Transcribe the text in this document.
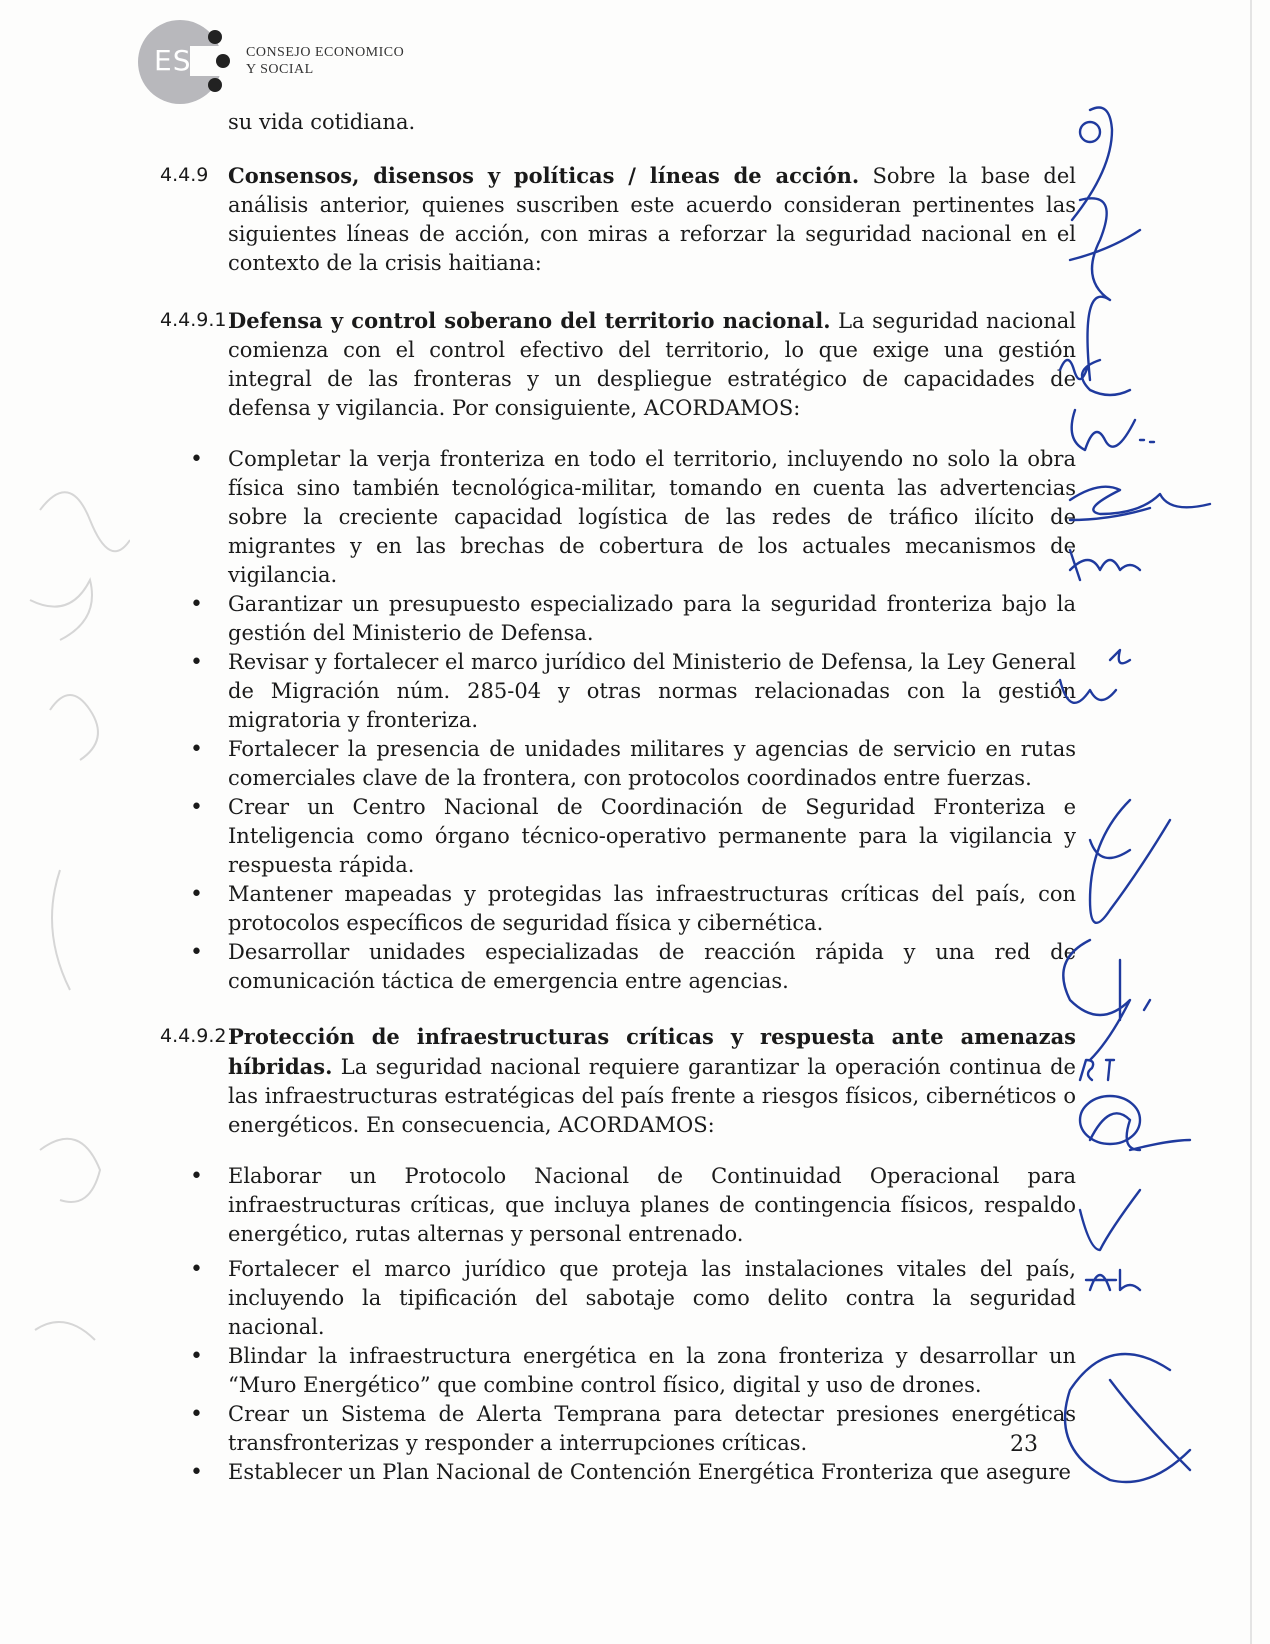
ES	CONSEJO ECONOMICO
Y SOCIAL

su vida cotidiana.

4.4.9 Consensos, disensos y políticas / líneas de acción. Sobre la base del análisis anterior, quienes suscriben este acuerdo consideran pertinentes las siguientes líneas de acción, con miras a reforzar la seguridad nacional en el contexto de la crisis haitiana:
4.4.9.1 Defensa y control soberano del territorio nacional. La seguridad nacional comienza con el control efectivo del territorio, lo que exige una gestión integral de las fronteras y un despliegue estratégico de capacidades de defensa y vigilancia. Por consiguiente, ACORDAMOS:
• Completar la verja fronteriza en todo el territorio, incluyendo no solo la obra física sino también tecnológica-militar, tomando en cuenta las advertencias sobre la creciente capacidad logística de las redes de tráfico ilícito de migrantes y en las brechas de cobertura de los actuales mecanismos de vigilancia.
• Garantizar un presupuesto especializado para la seguridad fronteriza bajo la gestión del Ministerio de Defensa.
• Revisar y fortalecer el marco jurídico del Ministerio de Defensa, la Ley General de Migración núm. 285-04 y otras normas relacionadas con la gestión migratoria y fronteriza.
• Fortalecer la presencia de unidades militares y agencias de servicio en rutas comerciales clave de la frontera, con protocolos coordinados entre fuerzas.
• Crear un Centro Nacional de Coordinación de Seguridad Fronteriza e Inteligencia como órgano técnico-operativo permanente para la vigilancia y respuesta rápida.
• Mantener mapeadas y protegidas las infraestructuras críticas del país, con protocolos específicos de seguridad física y cibernética.
• Desarrollar unidades especializadas de reacción rápida y una red de comunicación táctica de emergencia entre agencias.
4.4.9.2 Protección de infraestructuras críticas y respuesta ante amenazas híbridas. La seguridad nacional requiere garantizar la operación continua de las infraestructuras estratégicas del país frente a riesgos físicos, cibernéticos o energéticos. En consecuencia, ACORDAMOS:
• Elaborar un Protocolo Nacional de Continuidad Operacional para infraestructuras críticas, que incluya planes de contingencia físicos, respaldo energético, rutas alternas y personal entrenado.
• Fortalecer el marco jurídico que proteja las instalaciones vitales del país, incluyendo la tipificación del sabotaje como delito contra la seguridad nacional.
• Blindar la infraestructura energética en la zona fronteriza y desarrollar un “Muro Energético” que combine control físico, digital y uso de drones.
• Crear un Sistema de Alerta Temprana para detectar presiones energéticas transfronterizas y responder a interrupciones críticas.
• Establecer un Plan Nacional de Contención Energética Fronteriza que asegure
23
